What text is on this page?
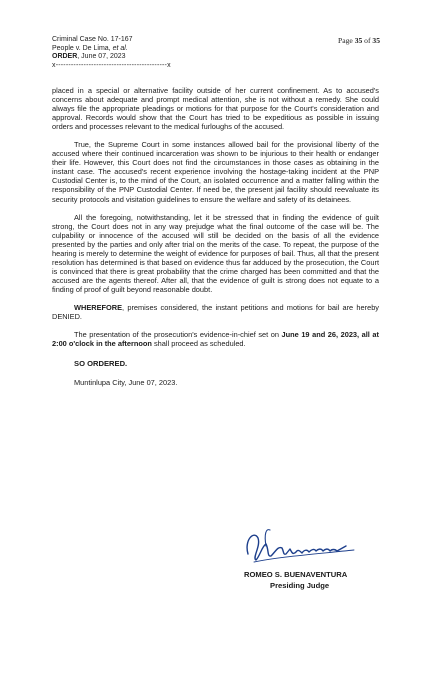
Criminal Case No. 17-167
People v. De Lima, et al.
ORDER, June 07, 2023
x--------------------------------------------x
Page 35 of 35

placed in a special or alternative facility outside of her current confinement. As to accused's concerns about adequate and prompt medical attention, she is not without a remedy. She could always file the appropriate pleadings or motions for that purpose for the Court's consideration and approval. Records would show that the Court has tried to be expeditious as possible in issuing orders and processes relevant to the medical furloughs of the accused.

True, the Supreme Court in some instances allowed bail for the provisional liberty of the accused where their continued incarceration was shown to be injurious to their health or endanger their life. However, this Court does not find the circumstances in those cases as obtaining in the instant case. The accused's recent experience involving the hostage-taking incident at the PNP Custodial Center is, to the mind of the Court, an isolated occurrence and a matter falling within the responsibility of the PNP Custodial Center. If need be, the present jail facility should reevaluate its security protocols and visitation guidelines to ensure the welfare and safety of its detainees.

All the foregoing, notwithstanding, let it be stressed that in finding the evidence of guilt strong, the Court does not in any way prejudge what the final outcome of the case will be. The culpability or innocence of the accused will still be decided on the basis of all the evidence presented by the parties and only after trial on the merits of the case. To repeat, the purpose of the hearing is merely to determine the weight of evidence for purposes of bail. Thus, all that the present resolution has determined is that based on evidence thus far adduced by the prosecution, the Court is convinced that there is great probability that the crime charged has been committed and that the accused are the agents thereof. After all, that the evidence of guilt is strong does not equate to a finding of proof of guilt beyond reasonable doubt.

WHEREFORE, premises considered, the instant petitions and motions for bail are hereby DENIED.

The presentation of the prosecution's evidence-in-chief set on June 19 and 26, 2023, all at 2:00 o'clock in the afternoon shall proceed as scheduled.

SO ORDERED.
Muntinlupa City, June 07, 2023.
ROMEO S. BUENAVENTURA
Presiding Judge
